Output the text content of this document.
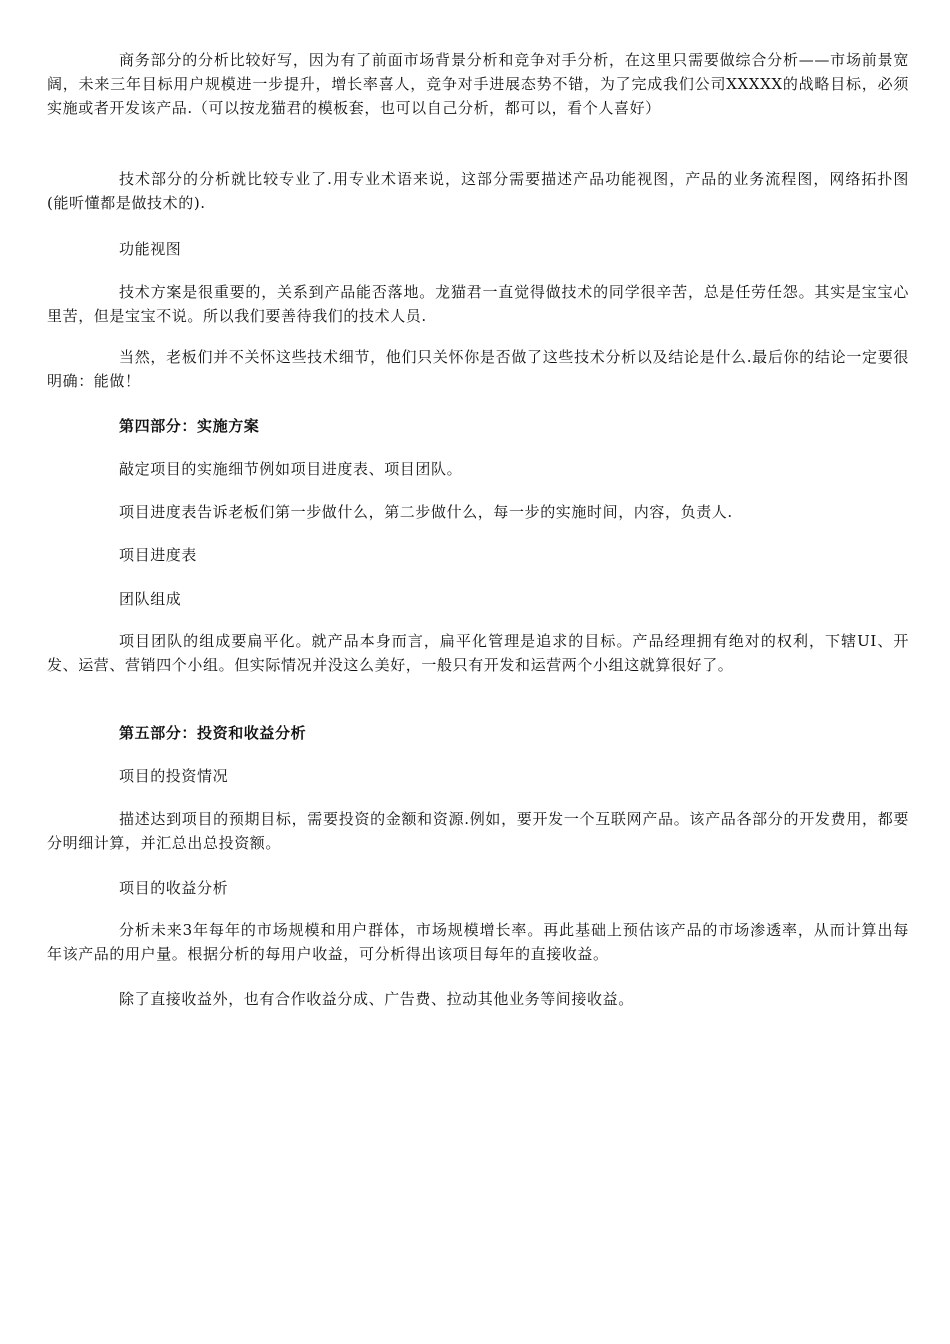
商务部分的分析比较好写，因为有了前面市场背景分析和竞争对手分析，在这里只需要做综合分析——市场前景宽阔，未来三年目标用户规模进一步提升，增长率喜人，竞争对手进展态势不错，为了完成我们公司XXXXX的战略目标，必须实施或者开发该产品.（可以按龙猫君的模板套，也可以自己分析，都可以，看个人喜好）

技术部分的分析就比较专业了.用专业术语来说，这部分需要描述产品功能视图，产品的业务流程图，网络拓扑图(能听懂都是做技术的).

功能视图

技术方案是很重要的，关系到产品能否落地。龙猫君一直觉得做技术的同学很辛苦，总是任劳任怨。其实是宝宝心里苦，但是宝宝不说。所以我们要善待我们的技术人员.

当然，老板们并不关怀这些技术细节，他们只关怀你是否做了这些技术分析以及结论是什么.最后你的结论一定要很明确：能做！

第四部分：实施方案

敲定项目的实施细节例如项目进度表、项目团队。

项目进度表告诉老板们第一步做什么，第二步做什么，每一步的实施时间，内容，负责人.

项目进度表

团队组成

项目团队的组成要扁平化。就产品本身而言，扁平化管理是追求的目标。产品经理拥有绝对的权利，下辖UI、开发、运营、营销四个小组。但实际情况并没这么美好，一般只有开发和运营两个小组这就算很好了。

第五部分：投资和收益分析

项目的投资情况

描述达到项目的预期目标，需要投资的金额和资源.例如，要开发一个互联网产品。该产品各部分的开发费用，都要分明细计算，并汇总出总投资额。

项目的收益分析

分析未来3年每年的市场规模和用户群体，市场规模增长率。再此基础上预估该产品的市场渗透率，从而计算出每年该产品的用户量。根据分析的每用户收益，可分析得出该项目每年的直接收益。

除了直接收益外，也有合作收益分成、广告费、拉动其他业务等间接收益。
